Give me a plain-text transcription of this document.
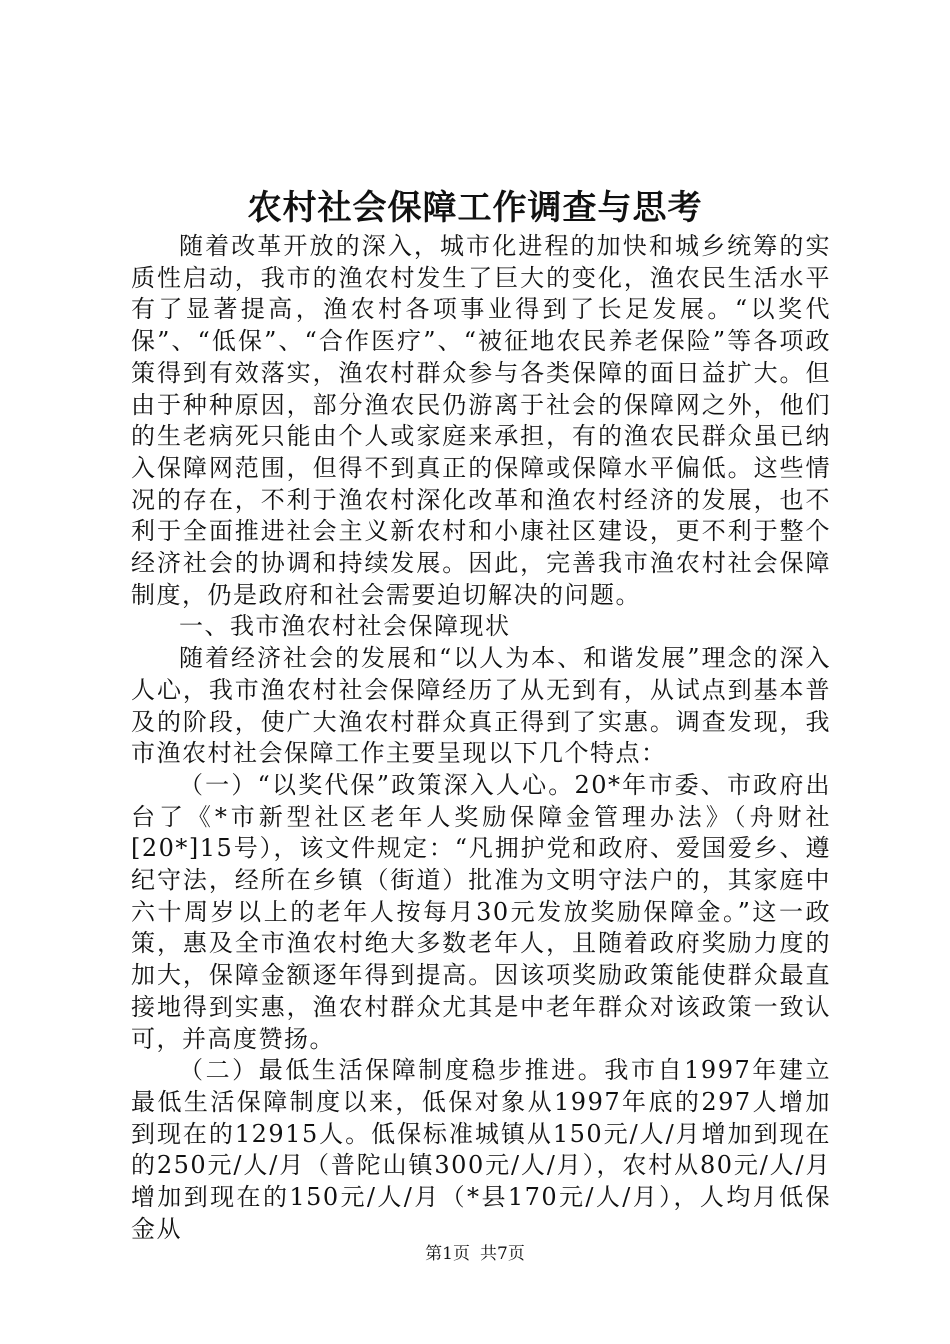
农村社会保障工作调查与思考

随着改革开放的深入，城市化进程的加快和城乡统筹的实质性启动，我市的渔农村发生了巨大的变化，渔农民生活水平有了显著提高，渔农村各项事业得到了长足发展。“以奖代保”、“低保”、“合作医疗”、“被征地农民养老保险”等各项政策得到有效落实，渔农村群众参与各类保障的面日益扩大。但由于种种原因，部分渔农民仍游离于社会的保障网之外，他们的生老病死只能由个人或家庭来承担，有的渔农民群众虽已纳入保障网范围，但得不到真正的保障或保障水平偏低。这些情况的存在，不利于渔农村深化改革和渔农村经济的发展，也不利于全面推进社会主义新农村和小康社区建设，更不利于整个经济社会的协调和持续发展。因此，完善我市渔农村社会保障制度，仍是政府和社会需要迫切解决的问题。

一、我市渔农村社会保障现状

随着经济社会的发展和“以人为本、和谐发展”理念的深入人心，我市渔农村社会保障经历了从无到有，从试点到基本普及的阶段，使广大渔农村群众真正得到了实惠。调查发现，我市渔农村社会保障工作主要呈现以下几个特点：

（一）“以奖代保”政策深入人心。20*年市委、市政府出台了《*市新型社区老年人奖励保障金管理办法》（舟财社[20*]15号），该文件规定：“凡拥护党和政府、爱国爱乡、遵纪守法，经所在乡镇（街道）批准为文明守法户的，其家庭中六十周岁以上的老年人按每月30元发放奖励保障金。”这一政策，惠及全市渔农村绝大多数老年人，且随着政府奖励力度的加大，保障金额逐年得到提高。因该项奖励政策能使群众最直接地得到实惠，渔农村群众尤其是中老年群众对该政策一致认可，并高度赞扬。

（二）最低生活保障制度稳步推进。我市自1997年建立最低生活保障制度以来，低保对象从1997年底的297人增加到现在的12915人。低保标准城镇从150元/人/月增加到现在的250元/人/月（普陀山镇300元/人/月），农村从80元/人/月增加到现在的150元/人/月（*县170元/人/月），人均月低保金从

第1页 共7页
